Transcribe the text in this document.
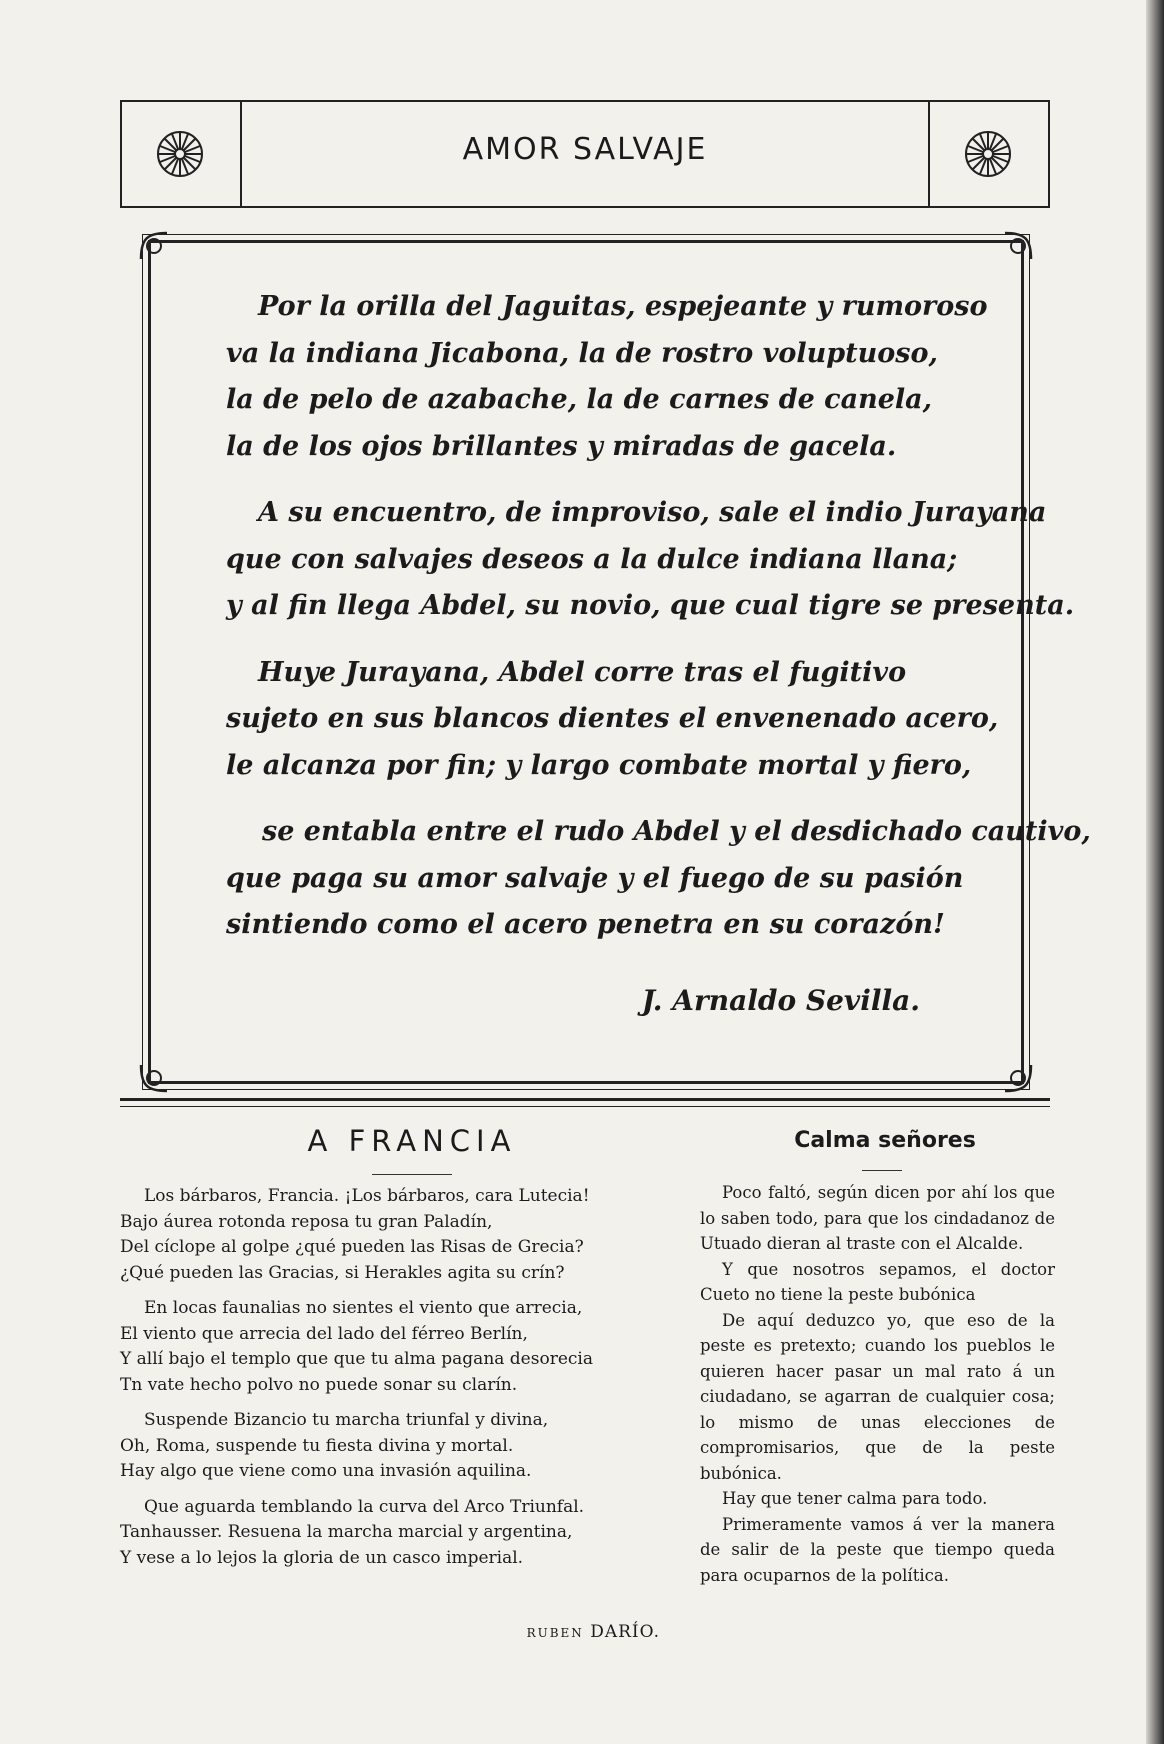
AMOR SALVAJE
Por la orilla del Jaguitas, espejeante y rumoroso
va la indiana Jicabona, la de rostro voluptuoso,
la de pelo de azabache, la de carnes de canela,
la de los ojos brillantes y miradas de gacela.
A su encuentro, de improviso, sale el indio Jurayana
que con salvajes deseos a la dulce indiana llana;
y al fin llega Abdel, su novio, que cual tigre se presenta.
Huye Jurayana, Abdel corre tras el fugitivo
sujeto en sus blancos dientes el envenenado acero,
le alcanza por fin; y largo combate mortal y fiero,
se entabla entre el rudo Abdel y el desdichado cautivo,
que paga su amor salvaje y el fuego de su pasión
sintiendo como el acero penetra en su corazón!
J. Arnaldo Sevilla.
A FRANCIA
Los bárbaros, Francia. ¡Los bárbaros, cara Lutecia!
Bajo áurea rotonda reposa tu gran Paladín,
Del cíclope al golpe ¿qué pueden las Risas de Grecia?
¿Qué pueden las Gracias, si Herakles agita su crín?
En locas faunalias no sientes el viento que arrecia,
El viento que arrecia del lado del férreo Berlín,
Y allí bajo el templo que que tu alma pagana desorecia
Tn vate hecho polvo no puede sonar su clarín.
Suspende Bizancio tu marcha triunfal y divina,
Oh, Roma, suspende tu fiesta divina y mortal.
Hay algo que viene como una invasión aquilina.
Que aguarda temblando la curva del Arco Triunfal.
Tanhausser. Resuena la marcha marcial y argentina,
Y vese a lo lejos la gloria de un casco imperial.
RUBEN DARÍO.
Calma señores

Poco faltó, según dicen por ahí los que lo saben todo, para que los cindadanoz de Utuado dieran al traste con el Alcalde.

Y que nosotros sepamos, el doctor Cueto no tiene la peste bubónica

De aquí deduzco yo, que eso de la peste es pretexto; cuando los pueblos le quieren hacer pasar un mal rato á un ciudadano, se agarran de cualquier cosa; lo mismo de unas elecciones de compromisarios, que de la peste bubónica.

Hay que tener calma para todo.

Primeramente vamos á ver la manera de salir de la peste que tiempo queda para ocuparnos de la política.
